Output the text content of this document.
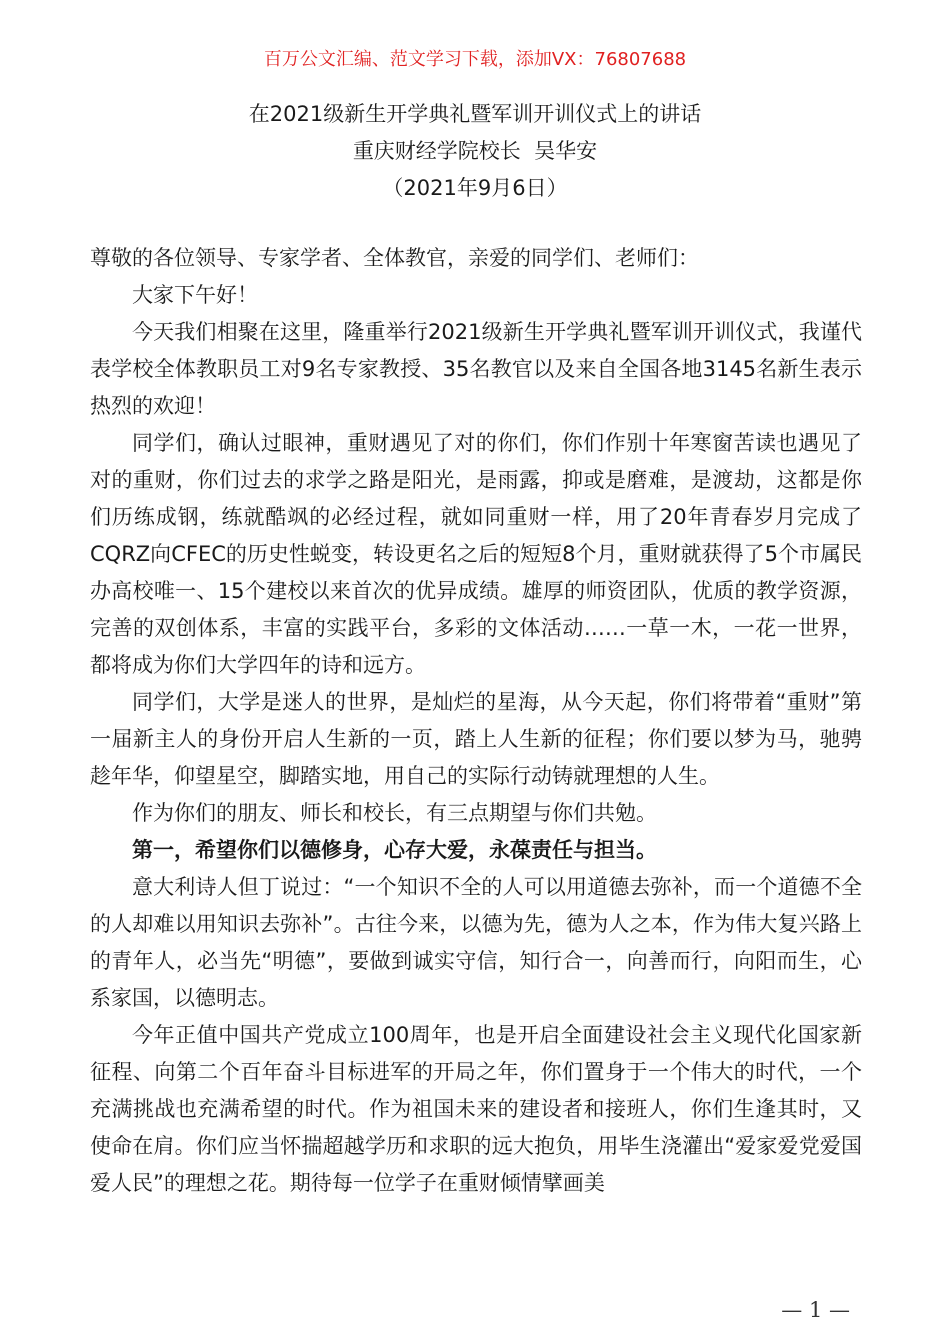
百万公文汇编、范文学习下载，添加VX：76807688
在2021级新生开学典礼暨军训开训仪式上的讲话
重庆财经学院校长  吴华安
（2021年9月6日）

尊敬的各位领导、专家学者、全体教官，亲爱的同学们、老师们：

大家下午好！

今天我们相聚在这里，隆重举行2021级新生开学典礼暨军训开训仪式，我谨代表学校全体教职员工对9名专家教授、35名教官以及来自全国各地3145名新生表示热烈的欢迎！

同学们，确认过眼神，重财遇见了对的你们，你们作别十年寒窗苦读也遇见了对的重财，你们过去的求学之路是阳光，是雨露，抑或是磨难，是渡劫，这都是你们历练成钢，练就酷飒的必经过程，就如同重财一样，用了20年青春岁月完成了CQRZ向CFEC的历史性蜕变，转设更名之后的短短8个月，重财就获得了5个市属民办高校唯一、15个建校以来首次的优异成绩。雄厚的师资团队，优质的教学资源，完善的双创体系，丰富的实践平台，多彩的文体活动……一草一木，一花一世界，都将成为你们大学四年的诗和远方。

同学们，大学是迷人的世界，是灿烂的星海，从今天起，你们将带着“重财”第一届新主人的身份开启人生新的一页，踏上人生新的征程；你们要以梦为马，驰骋趁年华，仰望星空，脚踏实地，用自己的实际行动铸就理想的人生。

作为你们的朋友、师长和校长，有三点期望与你们共勉。

第一，希望你们以德修身，心存大爱，永葆责任与担当。

意大利诗人但丁说过：“一个知识不全的人可以用道德去弥补，而一个道德不全的人却难以用知识去弥补”。古往今来，以德为先，德为人之本，作为伟大复兴路上的青年人，必当先“明德”，要做到诚实守信，知行合一，向善而行，向阳而生，心系家国，以德明志。

今年正值中国共产党成立100周年，也是开启全面建设社会主义现代化国家新征程、向第二个百年奋斗目标进军的开局之年，你们置身于一个伟大的时代，一个充满挑战也充满希望的时代。作为祖国未来的建设者和接班人，你们生逢其时，又使命在肩。你们应当怀揣超越学历和求职的远大抱负，用毕生浇灌出“爱家爱党爱国爱人民”的理想之花。期待每一位学子在重财倾情擘画美

— 1 —
